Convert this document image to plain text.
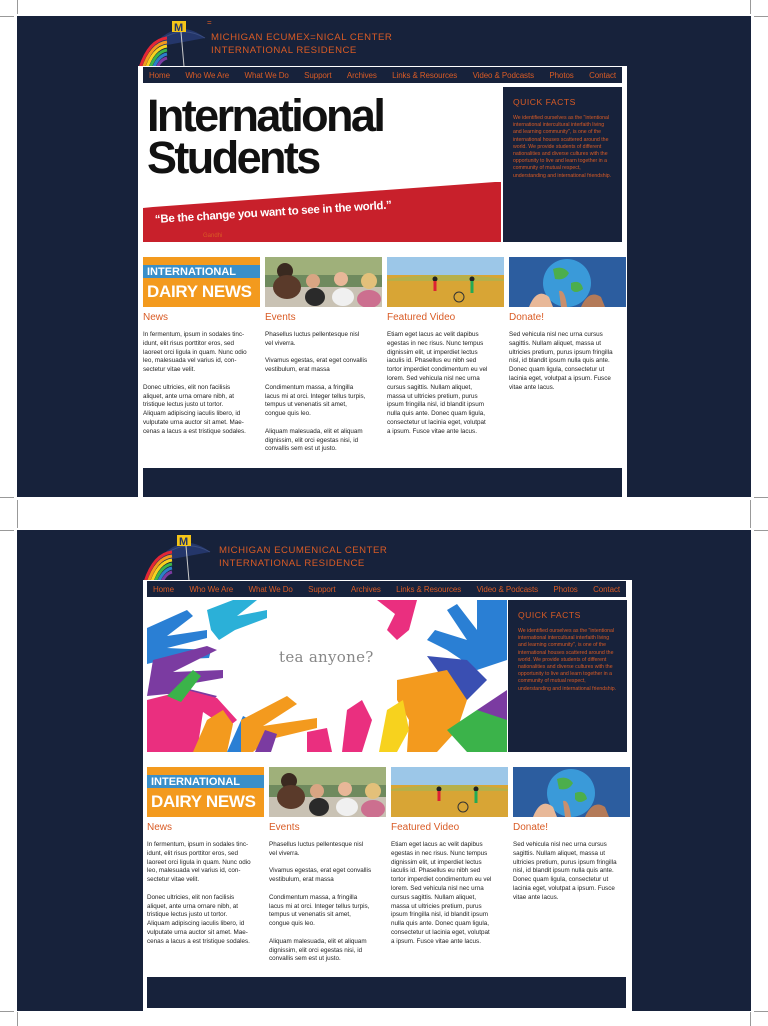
M	=
MICHIGAN ECUMEX=NICAL CENTER
INTERNATIONAL RESIDENCE
Home Who We Are What We Do Support Archives Links & Resources Video & Podcasts Photos Contact
International
Students
“Be the change you want to see in the world.”
Gandhi
QUICK FACTS
We identified ourselves as the "intentional international intercultural interfaith living and learning community", is one of the international houses scattered around the world. We provide students of different nationalities and diverse cultures with the opportunity to live and learn together in a community of mutual respect, understanding and international friendship.
INTERNATIONAL
DAIRY NEWS
News
In fermentum, ipsum in sodales tinc-
idunt, elit risus porttitor eros, sed
laoreet orci ligula in quam. Nunc odio
leo, malesuada vel varius id, con-
sectetur vitae velit.
Donec ultricies, elit non facilisis
aliquet, ante urna ornare nibh, at
tristique lectus justo ut tortor.
Aliquam adipiscing iaculis libero, id
vulputate urna auctor sit amet. Mae-
cenas a lacus a est tristique sodales.
Events
Phasellus luctus pellentesque nisl
vel viverra.
Vivamus egestas, erat eget convallis
vestibulum, erat massa
Condimentum massa, a fringilla
lacus mi at orci. Integer tellus turpis,
tempus ut venenatis sit amet,
congue quis leo.
Aliquam malesuada, elit et aliquam
dignissim, elit orci egestas nisi, id
convallis sem est ut justo.
Featured Video
Etiam eget lacus ac velit dapibus
egestas in nec risus. Nunc tempus
dignissim elit, ut imperdiet lectus
iaculis id. Phasellus eu nibh sed
tortor imperdiet condimentum eu vel
lorem. Sed vehicula nisl nec urna
cursus sagittis. Nullam aliquet,
massa ut ultricies pretium, purus
ipsum fringilla nisl, id blandit ipsum
nulla quis ante. Donec quam ligula,
consectetur ut lacinia eget, volutpat
a ipsum. Fusce vitae ante lacus.
Donate!
Sed vehicula nisl nec urna cursus
sagittis. Nullam aliquet, massa ut
ultricies pretium, purus ipsum fringilla
nisl, id blandit ipsum nulla quis ante.
Donec quam ligula, consectetur ut
lacinia eget, volutpat a ipsum. Fusce
vitae ante lacus.
M
MICHIGAN ECUMENICAL CENTER
INTERNATIONAL RESIDENCE
Home Who We Are What We Do Support Archives Links & Resources Video & Podcasts Photos Contact
tea anyone?
QUICK FACTS
We identified ourselves as the "intentional international intercultural interfaith living and learning community", is one of the international houses scattered around the world. We provide students of different nationalities and diverse cultures with the opportunity to live and learn together in a community of mutual respect, understanding and international friendship.
INTERNATIONAL
DAIRY NEWS
News
In fermentum, ipsum in sodales tinc-
idunt, elit risus porttitor eros, sed
laoreet orci ligula in quam. Nunc odio
leo, malesuada vel varius id, con-
sectetur vitae velit.
Donec ultricies, elit non facilisis
aliquet, ante urna ornare nibh, at
tristique lectus justo ut tortor.
Aliquam adipiscing iaculis libero, id
vulputate urna auctor sit amet. Mae-
cenas a lacus a est tristique sodales.
Events
Phasellus luctus pellentesque nisl
vel viverra.
Vivamus egestas, erat eget convallis
vestibulum, erat massa
Condimentum massa, a fringilla
lacus mi at orci. Integer tellus turpis,
tempus ut venenatis sit amet,
congue quis leo.
Aliquam malesuada, elit et aliquam
dignissim, elit orci egestas nisi, id
convallis sem est ut justo.
Featured Video
Etiam eget lacus ac velit dapibus
egestas in nec risus. Nunc tempus
dignissim elit, ut imperdiet lectus
iaculis id. Phasellus eu nibh sed
tortor imperdiet condimentum eu vel
lorem. Sed vehicula nisl nec urna
cursus sagittis. Nullam aliquet,
massa ut ultricies pretium, purus
ipsum fringilla nisl, id blandit ipsum
nulla quis ante. Donec quam ligula,
consectetur ut lacinia eget, volutpat
a ipsum. Fusce vitae ante lacus.
Donate!
Sed vehicula nisl nec urna cursus
sagittis. Nullam aliquet, massa ut
ultricies pretium, purus ipsum fringilla
nisl, id blandit ipsum nulla quis ante.
Donec quam ligula, consectetur ut
lacinia eget, volutpat a ipsum. Fusce
vitae ante lacus.
